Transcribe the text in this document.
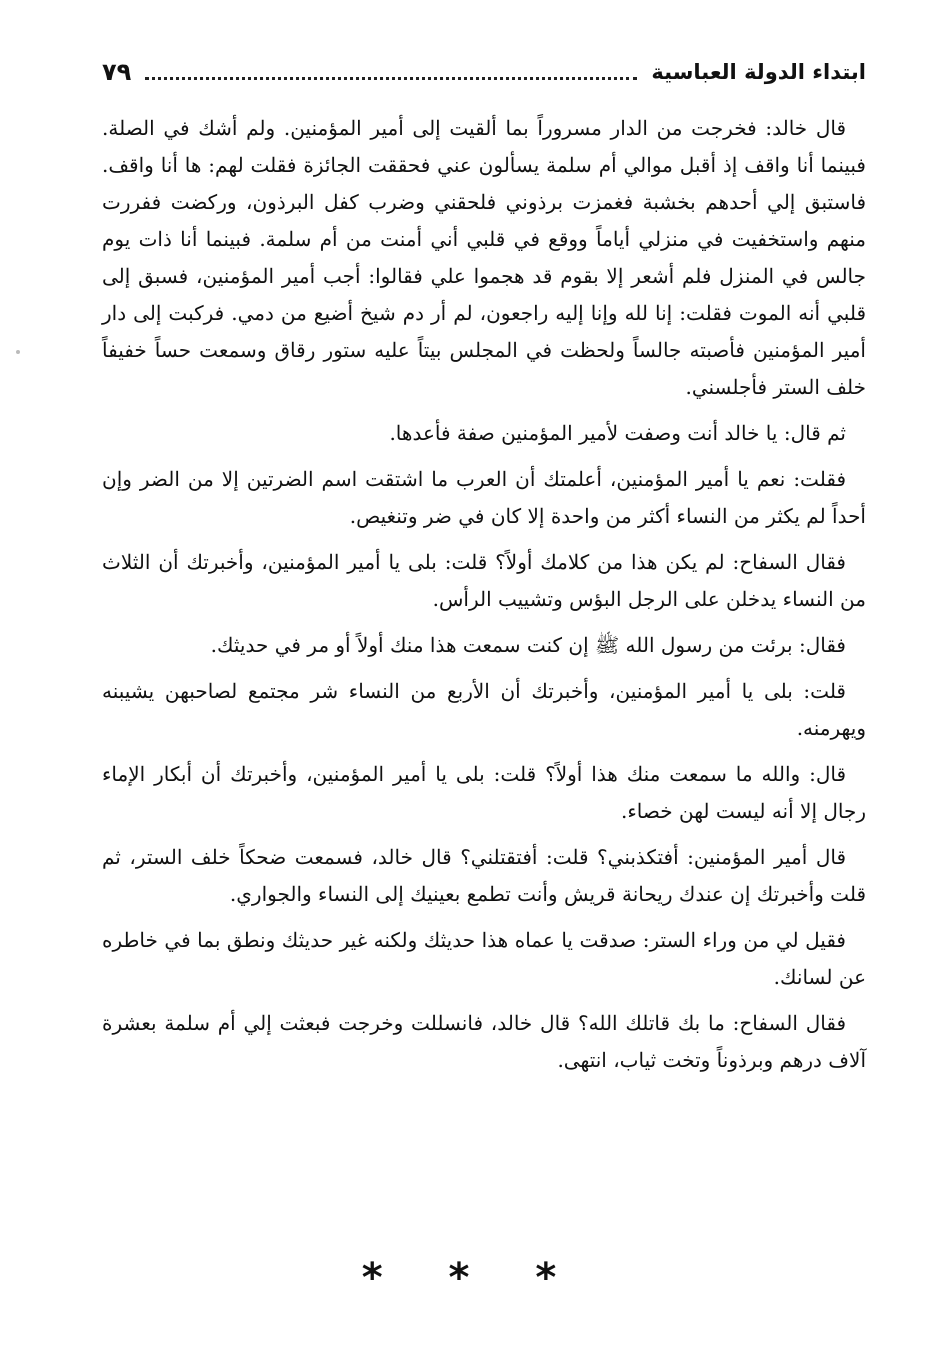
ابتداء الدولة العباسية
٧٩

قال خالد: فخرجت من الدار مسروراً بما ألقيت إلى أمير المؤمنين. ولم أشك في الصلة. فبينما أنا واقف إذ أقبل موالي أم سلمة يسألون عني فحققت الجائزة فقلت لهم: ها أنا واقف. فاستبق إلي أحدهم بخشبة فغمزت برذوني فلحقني وضرب كفل البرذون، وركضت ففررت منهم واستخفيت في منزلي أياماً ووقع في قلبي أني أمنت من أم سلمة. فبينما أنا ذات يوم جالس في المنزل فلم أشعر إلا بقوم قد هجموا علي فقالوا: أجب أمير المؤمنين، فسبق إلى قلبي أنه الموت فقلت: إنا لله وإنا إليه راجعون، لم أر دم شيخ أضيع من دمي. فركبت إلى دار أمير المؤمنين فأصبته جالساً ولحظت في المجلس بيتاً عليه ستور رقاق وسمعت حساً خفيفاً خلف الستر فأجلسني.

ثم قال: يا خالد أنت وصفت لأمير المؤمنين صفة فأعدها.

فقلت: نعم يا أمير المؤمنين، أعلمتك أن العرب ما اشتقت اسم الضرتين إلا من الضر وإن أحداً لم يكثر من النساء أكثر من واحدة إلا كان في ضر وتنغيص.

فقال السفاح: لم يكن هذا من كلامك أولاً؟ قلت: بلى يا أمير المؤمنين، وأخبرتك أن الثلاث من النساء يدخلن على الرجل البؤس وتشييب الرأس.

فقال: برئت من رسول الله ﷺ إن كنت سمعت هذا منك أولاً أو مر في حديثك.

قلت: بلى يا أمير المؤمنين، وأخبرتك أن الأربع من النساء شر مجتمع لصاحبهن يشيبنه ويهرمنه.

قال: والله ما سمعت منك هذا أولاً؟ قلت: بلى يا أمير المؤمنين، وأخبرتك أن أبكار الإماء رجال إلا أنه ليست لهن خصاء.

قال أمير المؤمنين: أفتكذبني؟ قلت: أفتقتلني؟ قال خالد، فسمعت ضحكاً خلف الستر، ثم قلت وأخبرتك إن عندك ريحانة قريش وأنت تطمع بعينيك إلى النساء والجواري.

فقيل لي من وراء الستر: صدقت يا عماه هذا حديثك ولكنه غير حديثك ونطق بما في خاطره عن لسانك.

فقال السفاح: ما بك قاتلك الله؟ قال خالد، فانسللت وخرجت فبعثت إلي أم سلمة بعشرة آلاف درهم وبرذوناً وتخت ثياب، انتهى.

* * *
